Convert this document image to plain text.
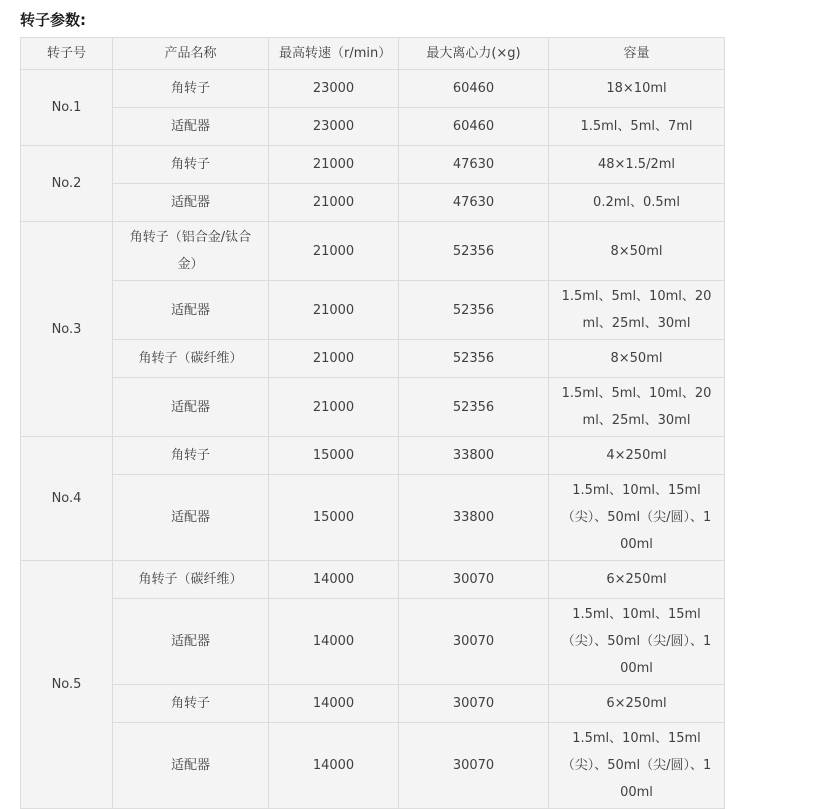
转子参数:
转子号	产品名称	最高转速（r/min）	最大离心力(×g)	容量
No.1	角转子	23000	60460	18×10ml
	适配器	23000	60460	1.5ml、5ml、7ml
No.2	角转子	21000	47630	48×1.5/2ml
	适配器	21000	47630	0.2ml、0.5ml
No.3	角转子（铝合金/钛合金）	21000	52356	8×50ml
	适配器	21000	52356	1.5ml、5ml、10ml、20ml、25ml、30ml
	角转子（碳纤维）	21000	52356	8×50ml
	适配器	21000	52356	1.5ml、5ml、10ml、20ml、25ml、30ml
No.4	角转子	15000	33800	4×250ml
	适配器	15000	33800	1.5ml、10ml、15ml（尖）、50ml（尖/圆）、100ml
No.5	角转子（碳纤维）	14000	30070	6×250ml
	适配器	14000	30070	1.5ml、10ml、15ml（尖）、50ml（尖/圆）、100ml
	角转子	14000	30070	6×250ml
	适配器	14000	30070	1.5ml、10ml、15ml（尖）、50ml（尖/圆）、100ml
